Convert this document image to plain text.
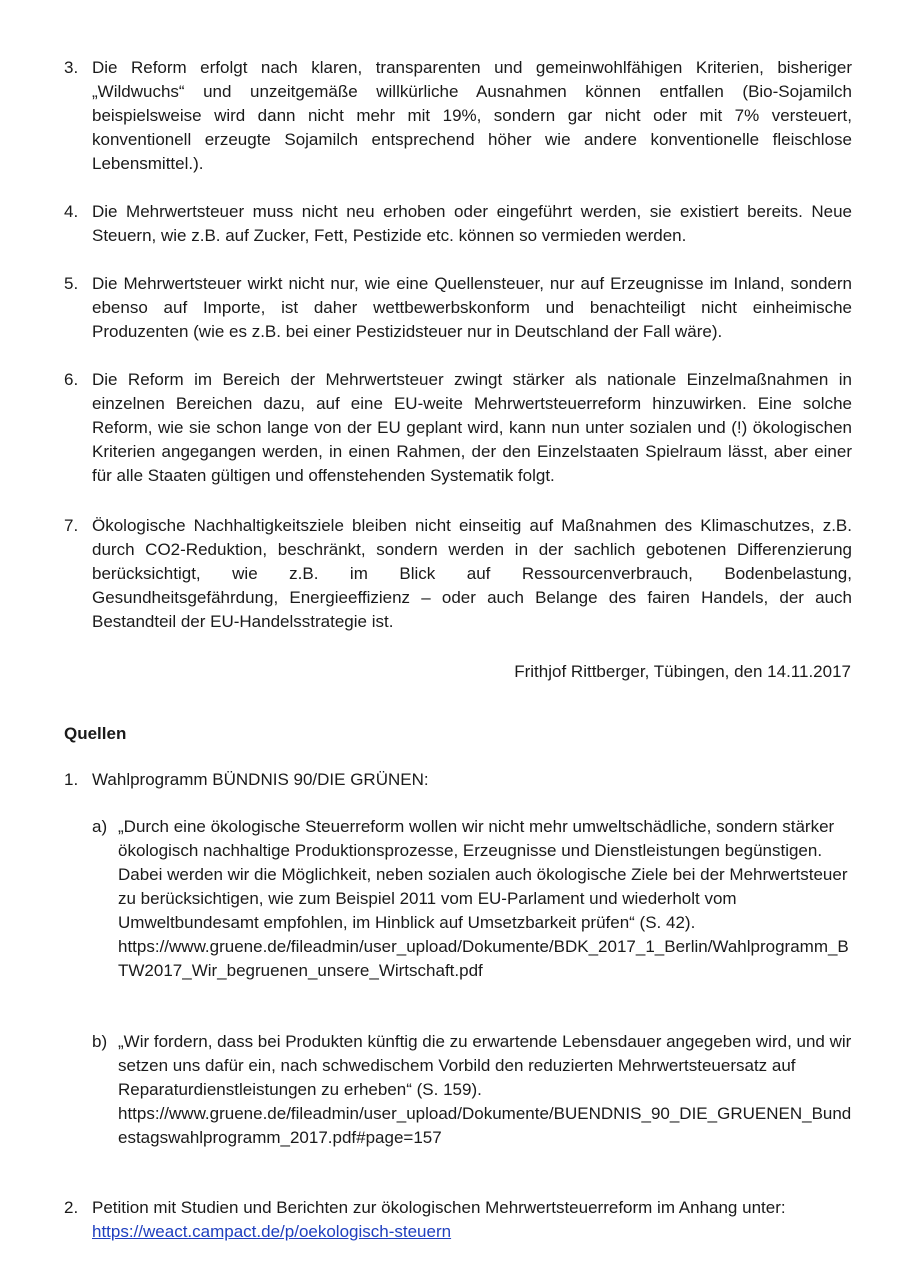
3. Die Reform erfolgt nach klaren, transparenten und gemeinwohlfähigen Kriterien, bisheriger „Wildwuchs“ und unzeitgemäße willkürliche Ausnahmen können entfallen (Bio-Sojamilch beispielsweise wird dann nicht mehr mit 19%, sondern gar nicht oder mit 7% versteuert, konventionell erzeugte Sojamilch entsprechend höher wie andere konventionelle fleischlose Lebensmittel.).
4. Die Mehrwertsteuer muss nicht neu erhoben oder eingeführt werden, sie existiert bereits. Neue Steuern, wie z.B. auf Zucker, Fett, Pestizide etc. können so vermieden werden.
5. Die Mehrwertsteuer wirkt nicht nur, wie eine Quellensteuer, nur auf Erzeugnisse im Inland, sondern ebenso auf Importe, ist daher wettbewerbskonform und benachteiligt nicht einheimische Produzenten (wie es z.B. bei einer Pestizidsteuer nur in Deutschland der Fall wäre).
6. Die Reform im Bereich der Mehrwertsteuer zwingt stärker als nationale Einzelmaßnahmen in einzelnen Bereichen dazu, auf eine EU-weite Mehrwertsteuerreform hinzuwirken. Eine solche Reform, wie sie schon lange von der EU geplant wird, kann nun unter sozialen und (!) ökologischen Kriterien angegangen werden, in einen Rahmen, der den Einzelstaaten Spielraum lässt, aber einer für alle Staaten gültigen und offenstehenden Systematik folgt.
7. Ökologische Nachhaltigkeitsziele bleiben nicht einseitig auf Maßnahmen des Klimaschutzes, z.B. durch CO2-Reduktion, beschränkt, sondern werden in der sachlich gebotenen Differenzierung berücksichtigt, wie z.B. im Blick auf Ressourcenverbrauch, Bodenbelastung, Gesundheitsgefährdung, Energieeffizienz – oder auch Belange des fairen Handels, der auch Bestandteil der EU-Handelsstrategie ist.
Frithjof Rittberger, Tübingen, den 14.11.2017
Quellen
1. Wahlprogramm BÜNDNIS 90/DIE GRÜNEN:
a) „Durch eine ökologische Steuerreform wollen wir nicht mehr umweltschädliche, sondern stärker ökologisch nachhaltige Produktionsprozesse, Erzeugnisse und Dienstleistungen begünstigen. Dabei werden wir die Möglichkeit, neben sozialen auch ökologische Ziele bei der Mehrwertsteuer zu berücksichtigen, wie zum Beispiel 2011 vom EU-Parlament und wiederholt vom Umweltbundesamt empfohlen, im Hinblick auf Umsetzbarkeit prüfen“ (S. 42).
https://www.gruene.de/fileadmin/user_upload/Dokumente/BDK_2017_1_Berlin/Wahlprogramm_BTW2017_Wir_begruenen_unsere_Wirtschaft.pdf
b) „Wir fordern, dass bei Produkten künftig die zu erwartende Lebensdauer angegeben wird, und wir setzen uns dafür ein, nach schwedischem Vorbild den reduzierten Mehrwertsteuersatz auf Reparaturdienstleistungen zu erheben“ (S. 159).
https://www.gruene.de/fileadmin/user_upload/Dokumente/BUENDNIS_90_DIE_GRUENEN_Bundestagswahlprogramm_2017.pdf#page=157
2. Petition mit Studien und Berichten zur ökologischen Mehrwertsteuerreform im Anhang unter:
https://weact.campact.de/p/oekologisch-steuern
